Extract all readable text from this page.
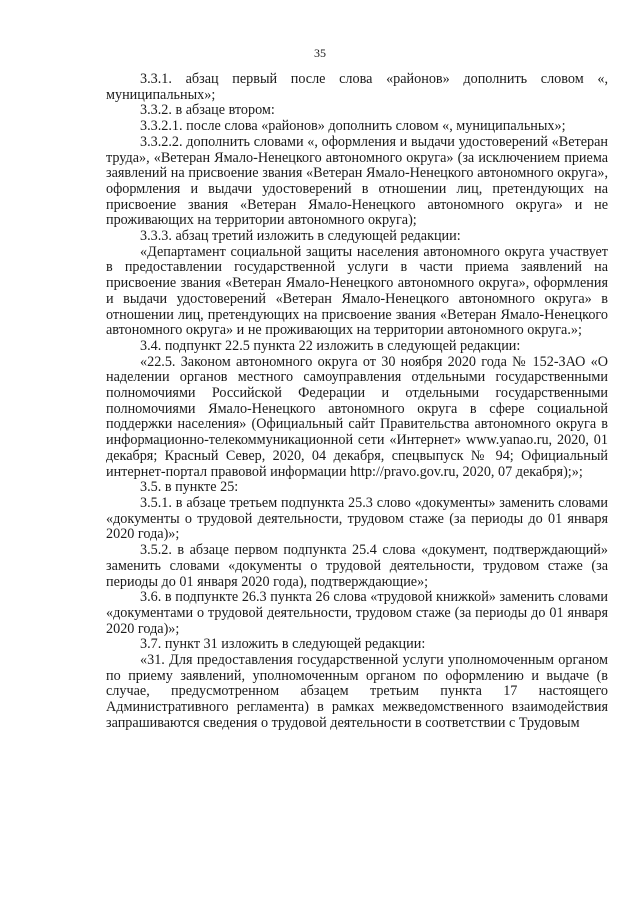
35

3.3.1. абзац первый после слова «районов» дополнить словом «, муниципальных»;

3.3.2. в абзаце втором:

3.3.2.1. после слова «районов» дополнить словом «, муниципальных»;

3.3.2.2. дополнить словами «, оформления и выдачи удостоверений «Ветеран труда», «Ветеран Ямало-Ненецкого автономного округа» (за исключением приема заявлений на присвоение звания «Ветеран Ямало-Ненецкого автономного округа», оформления и выдачи удостоверений в отношении лиц, претендующих на присвоение звания «Ветеран Ямало-Ненецкого автономного округа» и не проживающих на территории автономного округа);

3.3.3. абзац третий изложить в следующей редакции:

«Департамент социальной защиты населения автономного округа участвует в предоставлении государственной услуги в части приема заявлений на присвоение звания «Ветеран Ямало-Ненецкого автономного округа», оформления и выдачи удостоверений «Ветеран Ямало-Ненецкого автономного округа» в отношении лиц, претендующих на присвоение звания «Ветеран Ямало-Ненецкого автономного округа» и не проживающих на территории автономного округа.»;

3.4. подпункт 22.5 пункта 22 изложить в следующей редакции:

«22.5. Законом автономного округа от 30 ноября 2020 года № 152-ЗАО «О наделении органов местного самоуправления отдельными государственными полномочиями Российской Федерации и отдельными государственными полномочиями Ямало-Ненецкого автономного округа в сфере социальной поддержки населения» (Официальный сайт Правительства автономного округа в информационно-телекоммуникационной сети «Интернет» www.yanao.ru, 2020, 01 декабря; Красный Север, 2020, 04 декабря, спецвыпуск № 94; Официальный интернет-портал правовой информации http://pravo.gov.ru, 2020, 07 декабря);»;

3.5. в пункте 25:

3.5.1. в абзаце третьем подпункта 25.3 слово «документы» заменить словами «документы о трудовой деятельности, трудовом стаже (за периоды до 01 января 2020 года)»;

3.5.2. в абзаце первом подпункта 25.4 слова «документ, подтверждающий» заменить словами «документы о трудовой деятельности, трудовом стаже (за периоды до 01 января 2020 года), подтверждающие»;

3.6. в подпункте 26.3 пункта 26 слова «трудовой книжкой» заменить словами «документами о трудовой деятельности, трудовом стаже (за периоды до 01 января 2020 года)»;

3.7. пункт 31 изложить в следующей редакции:

«31. Для предоставления государственной услуги уполномоченным органом по приему заявлений, уполномоченным органом по оформлению и выдаче (в случае, предусмотренном абзацем третьим пункта 17 настоящего Административного регламента) в рамках межведомственного взаимодействия запрашиваются сведения о трудовой деятельности в соответствии с Трудовым
